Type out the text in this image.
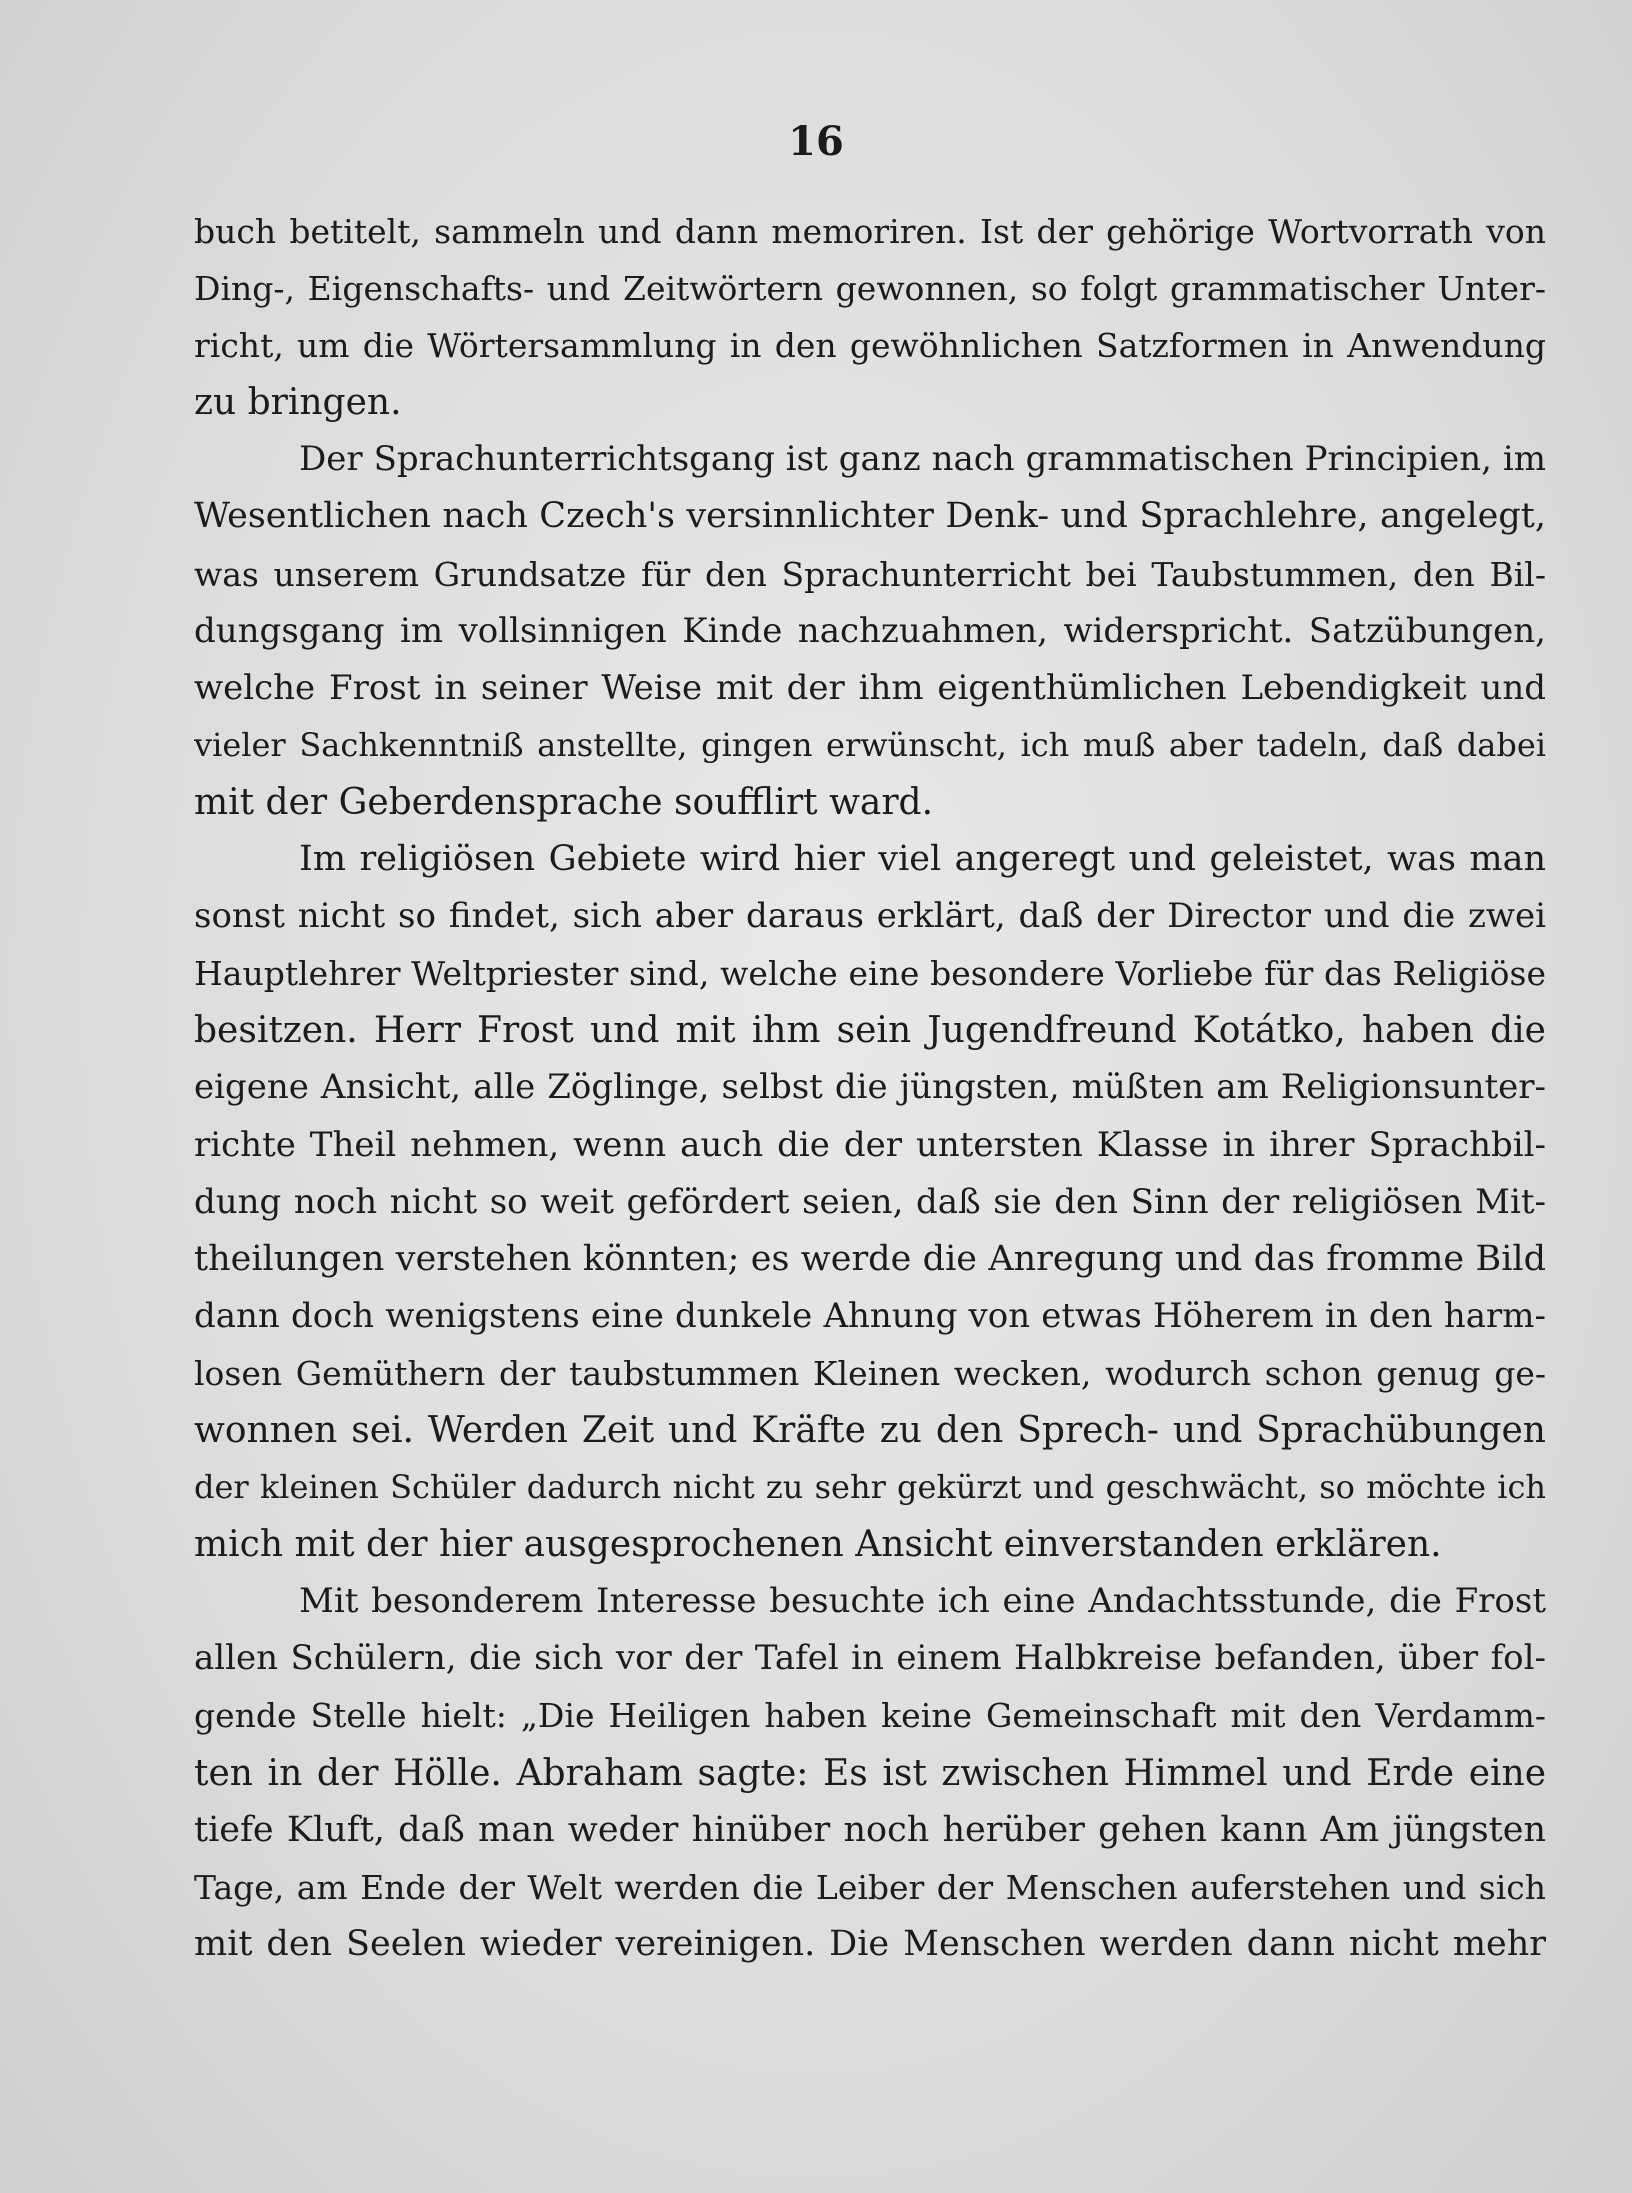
16
buch betitelt, sammeln und dann memoriren. Ist der gehörige Wortvorrath von
Ding-, Eigenschafts- und Zeitwörtern gewonnen, so folgt grammatischer Unter-
richt, um die Wörtersammlung in den gewöhnlichen Satzformen in Anwendung
zu bringen.
Der Sprachunterrichtsgang ist ganz nach grammatischen Principien, im
Wesentlichen nach Czech's versinnlichter Denk- und Sprachlehre, angelegt,
was unserem Grundsatze für den Sprachunterricht bei Taubstummen, den Bil-
dungsgang im vollsinnigen Kinde nachzuahmen, widerspricht. Satzübungen,
welche Frost in seiner Weise mit der ihm eigenthümlichen Lebendigkeit und
vieler Sachkenntniß anstellte, gingen erwünscht, ich muß aber tadeln, daß dabei
mit der Geberdensprache soufflirt ward.
Im religiösen Gebiete wird hier viel angeregt und geleistet, was man
sonst nicht so findet, sich aber daraus erklärt, daß der Director und die zwei
Hauptlehrer Weltpriester sind, welche eine besondere Vorliebe für das Religiöse
besitzen. Herr Frost und mit ihm sein Jugendfreund Kotátko, haben die
eigene Ansicht, alle Zöglinge, selbst die jüngsten, müßten am Religionsunter-
richte Theil nehmen, wenn auch die der untersten Klasse in ihrer Sprachbil-
dung noch nicht so weit gefördert seien, daß sie den Sinn der religiösen Mit-
theilungen verstehen könnten; es werde die Anregung und das fromme Bild
dann doch wenigstens eine dunkele Ahnung von etwas Höherem in den harm-
losen Gemüthern der taubstummen Kleinen wecken, wodurch schon genug ge-
wonnen sei. Werden Zeit und Kräfte zu den Sprech- und Sprachübungen
der kleinen Schüler dadurch nicht zu sehr gekürzt und geschwächt, so möchte ich
mich mit der hier ausgesprochenen Ansicht einverstanden erklären.
Mit besonderem Interesse besuchte ich eine Andachtsstunde, die Frost
allen Schülern, die sich vor der Tafel in einem Halbkreise befanden, über fol-
gende Stelle hielt: „Die Heiligen haben keine Gemeinschaft mit den Verdamm-
ten in der Hölle. Abraham sagte: Es ist zwischen Himmel und Erde eine
tiefe Kluft, daß man weder hinüber noch herüber gehen kann Am jüngsten
Tage, am Ende der Welt werden die Leiber der Menschen auferstehen und sich
mit den Seelen wieder vereinigen. Die Menschen werden dann nicht mehr
